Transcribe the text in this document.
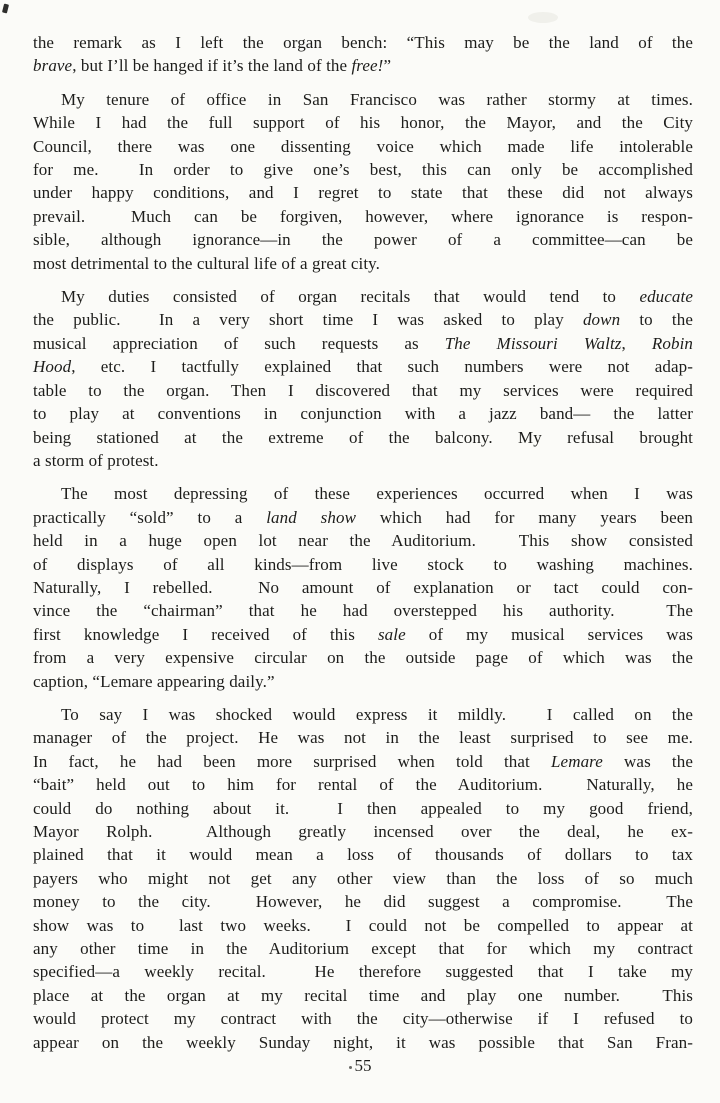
the remark as I left the organ bench: “This may be the land of the
brave, but I’ll be hanged if it’s the land of the free!”
My tenure of office in San Francisco was rather stormy at times.
While I had the full support of his honor, the Mayor, and the City
Council, there was one dissenting voice which made life intolerable
for me.  In order to give one’s best, this can only be accomplished
under happy conditions, and I regret to state that these did not always
prevail.  Much can be forgiven, however, where ignorance is respon-
sible, although ignorance—in the power of a committee—can be
most detrimental to the cultural life of a great city.
My duties consisted of organ recitals that would tend to educate
the public.  In a very short time I was asked to play down to the
musical appreciation of such requests as The Missouri Waltz, Robin
Hood, etc. I tactfully explained that such numbers were not adap-
table to the organ. Then I discovered that my services were required
to play at conventions in conjunction with a jazz band— the latter
being stationed at the extreme of the balcony. My refusal brought
a storm of protest.
The most depressing of these experiences occurred when I was
practically “sold” to a land show which had for many years been
held in a huge open lot near the Auditorium.  This show consisted
of displays of all kinds—from live stock to washing machines.
Naturally, I rebelled.  No amount of explanation or tact could con-
vince the “chairman” that he had overstepped his authority.  The
first knowledge I received of this sale of my musical services was
from a very expensive circular on the outside page of which was the
caption, “Lemare appearing daily.”
To say I was shocked would express it mildly.  I called on the
manager of the project. He was not in the least surprised to see me.
In fact, he had been more surprised when told that Lemare was the
“bait” held out to him for rental of the Auditorium.  Naturally, he
could do nothing about it.  I then appealed to my good friend,
Mayor Rolph.  Although greatly incensed over the deal, he ex-
plained that it would mean a loss of thousands of dollars to tax
payers who might not get any other view than the loss of so much
money to the city.  However, he did suggest a compromise.  The
show was to  last two weeks.  I could not be compelled to appear at
any other time in the Auditorium except that for which my contract
specified—a weekly recital.  He therefore suggested that I take my
place at the organ at my recital time and play one number.  This
would protect my contract with the city—otherwise if I refused to
appear on the weekly Sunday night, it was possible that San Fran-
55
